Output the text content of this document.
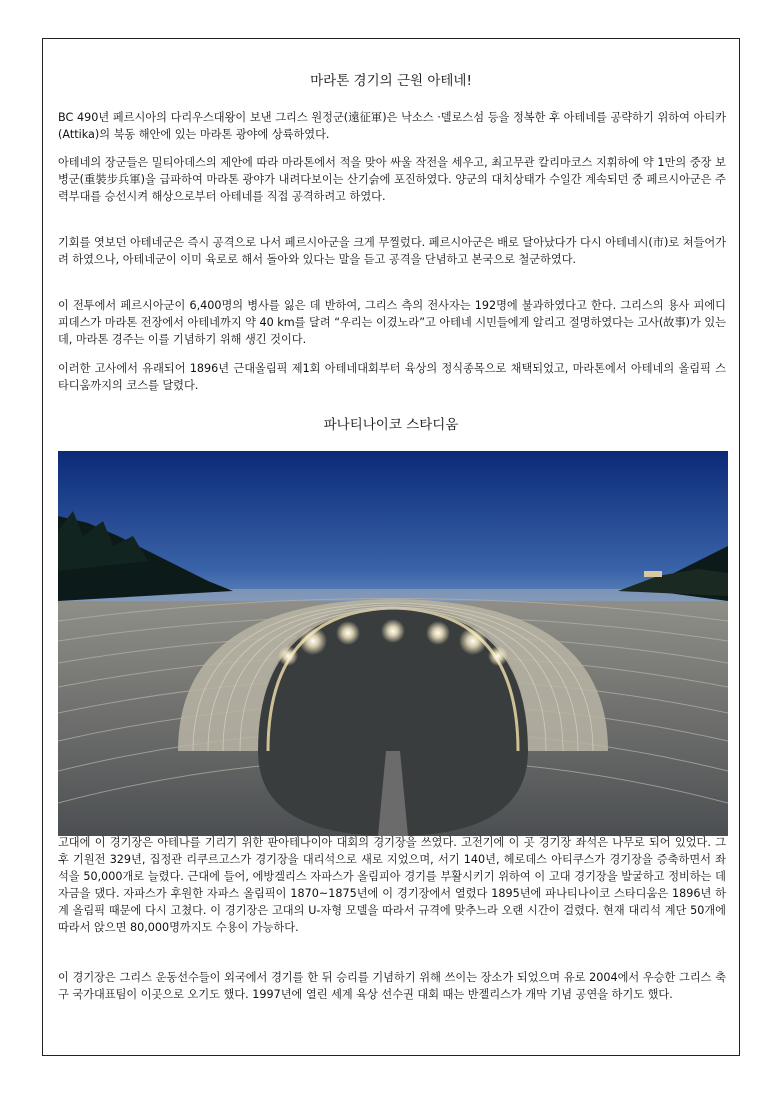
마라톤 경기의 근원 아테네!

BC 490년 페르시아의 다리우스대왕이 보낸 그리스 원정군(遠征軍)은 낙소스 ·델로스섬 등을 정복한 후 아테네를 공략하기 위하여 아티카(Attika)의 북동 해안에 있는 마라톤 광야에 상륙하였다.

아테네의 장군들은 밀티아데스의 제안에 따라 마라톤에서 적을 맞아 싸울 작전을 세우고, 최고무관 칼리마코스 지휘하에 약 1만의 중장 보병군(重裝步兵軍)을 급파하여 마라톤 광야가 내려다보이는 산기슭에 포진하였다. 양군의 대치상태가 수일간 계속되던 중 페르시아군은 주력부대를 승선시켜 해상으로부터 아테네를 직접 공격하려고 하였다.

기회를 엿보던 아테네군은 즉시 공격으로 나서 페르시아군을 크게 무찔렀다. 페르시아군은 배로 달아났다가 다시 아테네시(市)로 쳐들어가려 하였으나, 아테네군이 이미 육로로 해서 돌아와 있다는 말을 듣고 공격을 단념하고 본국으로 철군하였다.

이 전투에서 페르시아군이 6,400명의 병사를 잃은 데 반하여, 그리스 측의 전사자는 192명에 불과하였다고 한다. 그리스의 용사 피에디피데스가 마라톤 전장에서 아테네까지 약 40 km를 달려 “우리는 이겼노라”고 아테네 시민들에게 알리고 절명하였다는 고사(故事)가 있는데, 마라톤 경주는 이를 기념하기 위해 생긴 것이다.

이러한 고사에서 유래되어 1896년 근대올림픽 제1회 아테네대회부터 육상의 정식종목으로 채택되었고, 마라톤에서 아테네의 올림픽 스타디움까지의 코스를 달렸다.

파나티나이코 스타디움

고대에 이 경기장은 아테나를 기리기 위한 판아테나이아 대회의 경기장을 쓰였다. 고전기에 이 곳 경기장 좌석은 나무로 되어 있었다. 그 후 기원전 329년, 집정관 리쿠르고스가 경기장을 대리석으로 새로 지었으며, 서기 140년, 헤로데스 아티쿠스가 경기장을 증축하면서 좌석을 50,000개로 늘렸다. 근대에 들어, 에방겔리스 자파스가 올림피아 경기를 부활시키기 위하여 이 고대 경기장을 발굴하고 정비하는 데 자금을 댔다. 자파스가 후원한 자파스 올림픽이 1870~1875년에 이 경기장에서 열렸다 1895년에 파나티나이코 스타디움은 1896년 하계 올림픽 때문에 다시 고쳤다. 이 경기장은 고대의 U-자형 모델을 따라서 규격에 맞추느라 오랜 시간이 걸렸다. 현재 대리석 계단 50개에 따라서 앉으면 80,000명까지도 수용이 가능하다.

이 경기장은 그리스 운동선수들이 외국에서 경기를 한 뒤 승리를 기념하기 위해 쓰이는 장소가 되었으며 유로 2004에서 우승한 그리스 축구 국가대표팀이 이곳으로 오기도 했다. 1997년에 열린 세계 육상 선수권 대회 때는 반젤리스가 개막 기념 공연을 하기도 했다.
